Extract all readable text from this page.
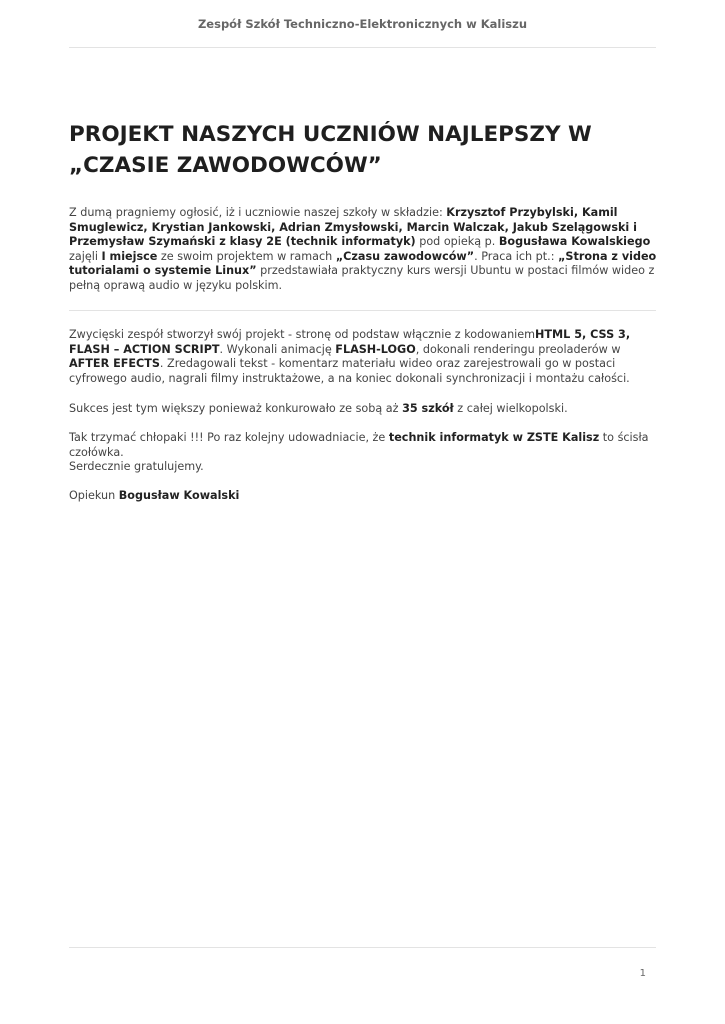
Zespół Szkół Techniczno-Elektronicznych w Kaliszu
PROJEKT NASZYCH UCZNIÓW NAJLEPSZY W „CZASIE ZAWODOWCÓW”

Z dumą pragniemy ogłosić, iż i uczniowie naszej szkoły w składzie: Krzysztof Przybylski, Kamil Smuglewicz, Krystian Jankowski, Adrian Zmysłowski, Marcin Walczak, Jakub Szelągowski i Przemysław Szymański z klasy 2E (technik informatyk) pod opieką p. Bogusława Kowalskiego zajęli I miejsce ze swoim projektem w ramach „Czasu zawodowców”. Praca ich pt.: „Strona z video tutorialami o systemie Linux” przedstawiała praktyczny kurs wersji Ubuntu w postaci filmów wideo z pełną oprawą audio w języku polskim.

Zwycięski zespół stworzył swój projekt - stronę od podstaw włącznie z kodowaniemHTML 5, CSS 3, FLASH – ACTION SCRIPT. Wykonali animację FLASH-LOGO, dokonali renderingu preoladerów w AFTER EFECTS. Zredagowali tekst - komentarz materiału wideo oraz zarejestrowali go w postaci cyfrowego audio, nagrali filmy instruktażowe, a na koniec dokonali synchronizacji i montażu całości.

Sukces jest tym większy ponieważ konkurowało ze sobą aż 35 szkół z całej wielkopolski.

Tak trzymać chłopaki !!! Po raz kolejny udowadniacie, że technik informatyk w ZSTE Kalisz to ścisła czołówka.

Serdecznie gratulujemy.

Opiekun Bogusław Kowalski

1
